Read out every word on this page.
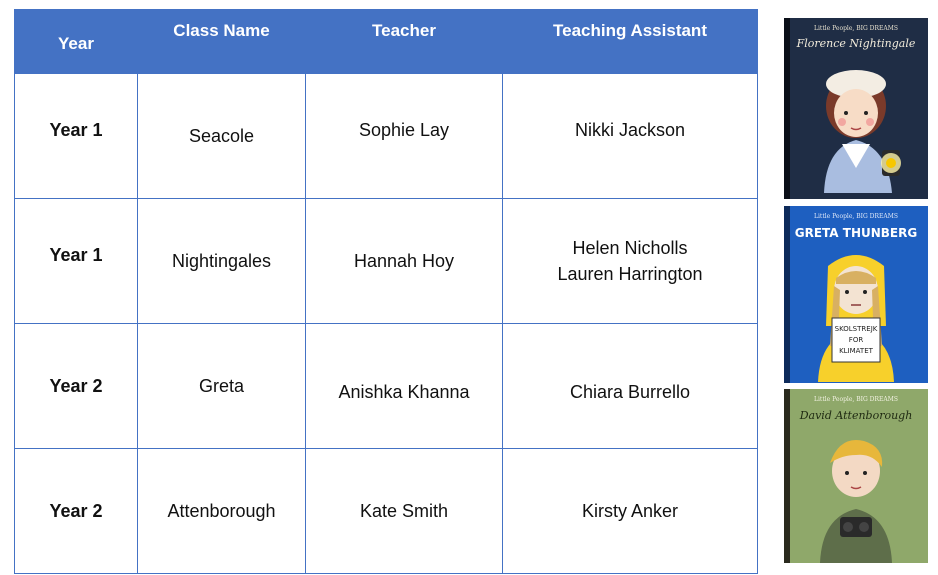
Year	Class Name	Teacher	Teaching Assistant

Year 1	Seacole	Sophie Lay	Nikki Jackson

Year 1	Nightingales	Hannah Hoy	Helen Nicholls
Lauren Harrington

Year 2	Greta	Anishka Khanna	Chiara Burrello

Year 2	Attenborough	Kate Smith	Kirsty Anker
Little People, BIG DREAMS
Florence Nightingale
Little People, BIG DREAMS
GRETA THUNBERG
SKOLSTREJK
FOR
KLIMATET
Little People, BIG DREAMS
David Attenborough
